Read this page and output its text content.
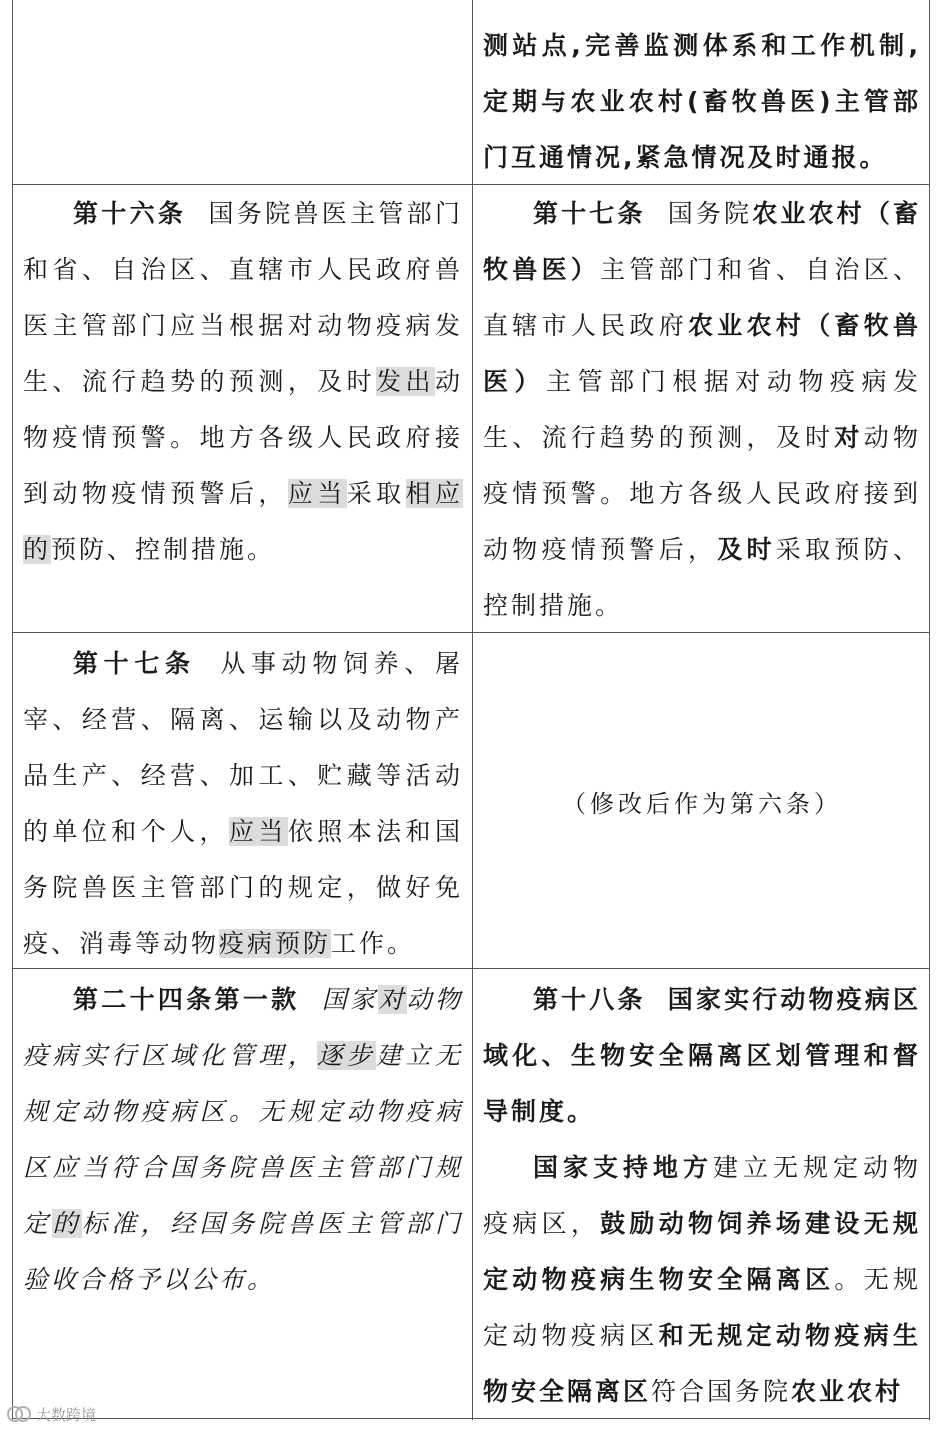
测站点,完善监测体系和工作机制,定期与农业农村(畜牧兽医)主管部门互通情况,紧急情况及时通报。
第十六条 国务院兽医主管部门和省、自治区、直辖市人民政府兽医主管部门应当根据对动物疫病发生、流行趋势的预测，及时发出动物疫情预警。地方各级人民政府接到动物疫情预警后，应当采取相应的预防、控制措施。
第十七条 国务院农业农村（畜牧兽医）主管部门和省、自治区、直辖市人民政府农业农村（畜牧兽医）主管部门根据对动物疫病发生、流行趋势的预测，及时对动物疫情预警。地方各级人民政府接到动物疫情预警后，及时采取预防、控制措施。
第十七条 从事动物饲养、屠宰、经营、隔离、运输以及动物产品生产、经营、加工、贮藏等活动的单位和个人，应当依照本法和国务院兽医主管部门的规定，做好免疫、消毒等动物疫病预防工作。
（修改后作为第六条）
第二十四条第一款 国家对动物疫病实行区域化管理，逐步建立无规定动物疫病区。无规定动物疫病区应当符合国务院兽医主管部门规定的标准，经国务院兽医主管部门验收合格予以公布。
第十八条 国家实行动物疫病区域化、生物安全隔离区划管理和督导制度。
国家支持地方建立无规定动物疫病区，鼓励动物饲养场建设无规定动物疫病生物安全隔离区。无规定动物疫病区和无规定动物疫病生物安全隔离区符合国务院农业农村
大数跨境
